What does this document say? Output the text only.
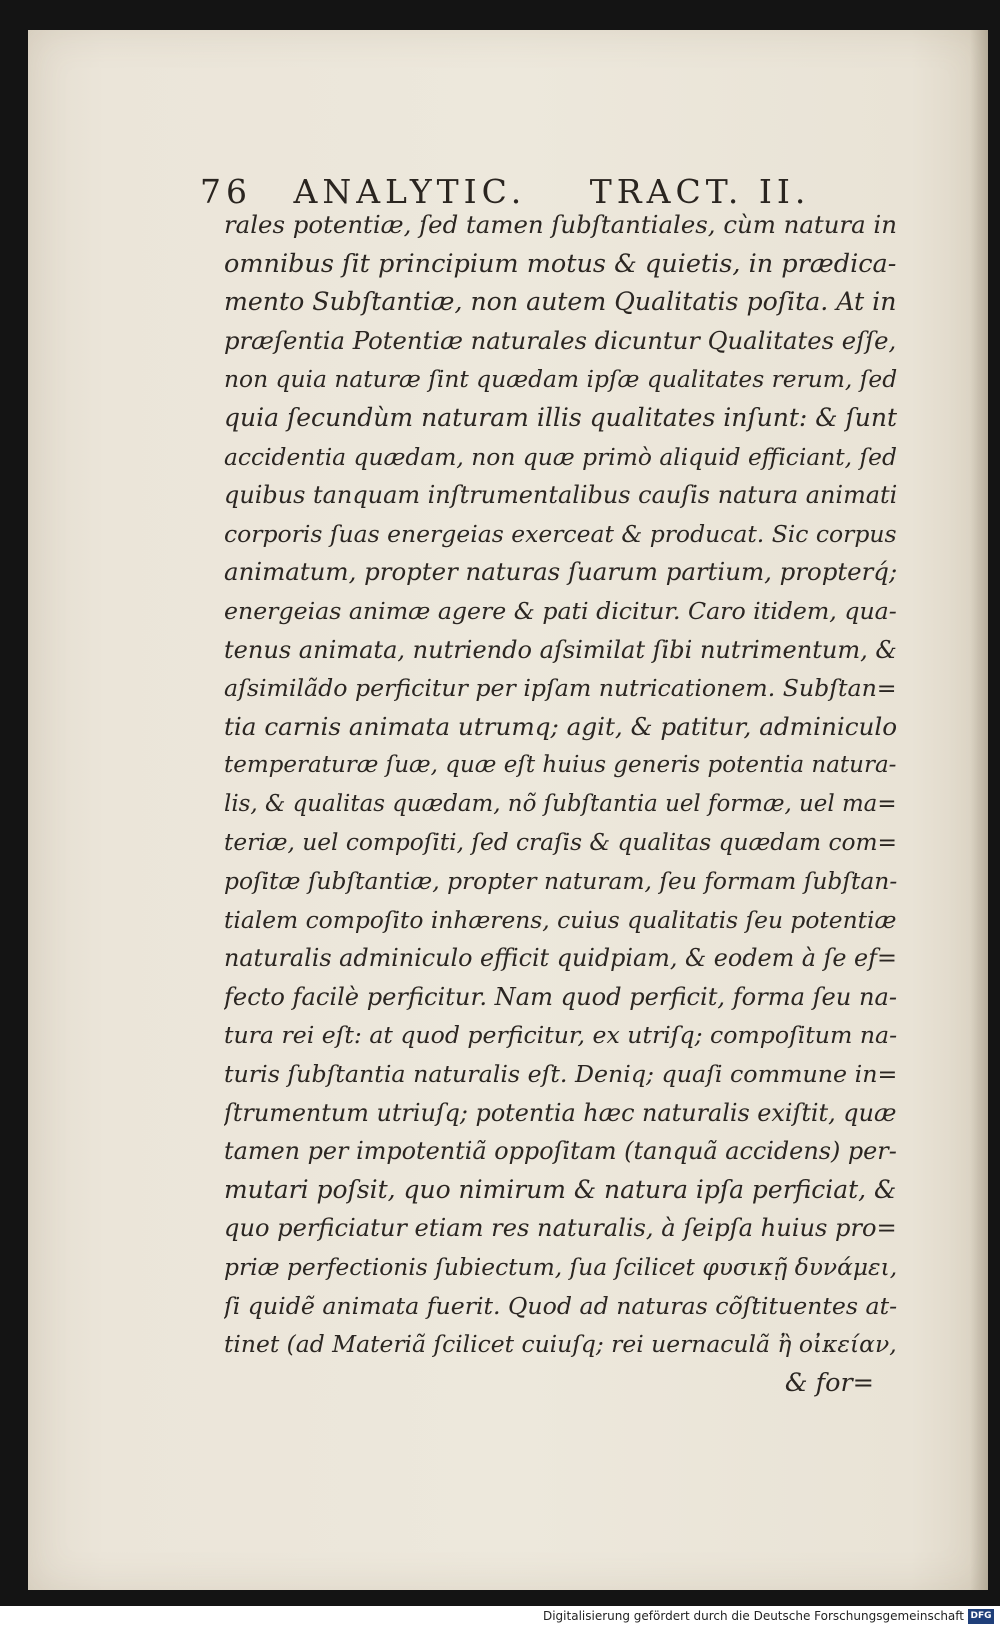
76 ANALYTIC. TRACT. II.
rales potentiæ, ſed tamen ſubſtantiales, cùm natura in
omnibus ſit principium motus & quietis, in prædica-
mento Subſtantiæ, non autem Qualitatis poſita. At in
præſentia Potentiæ naturales dicuntur Qualitates eſſe,
non quia naturæ ſint quædam ipſæ qualitates rerum, ſed
quia ſecundùm naturam illis qualitates inſunt: & ſunt
accidentia quædam, non quæ primò aliquid efficiant, ſed
quibus tanquam inſtrumentalibus cauſis natura animati
corporis ſuas energeias exerceat & producat. Sic corpus
animatum, propter naturas ſuarum partium, propterq́;
energeias animæ agere & pati dicitur. Caro itidem, qua-
tenus animata, nutriendo aſsimilat ſibi nutrimentum, &
aſsimilãdo perficitur per ipſam nutricationem. Subſtan=
tia carnis animata utrumq; agit, & patitur, adminiculo
temperaturæ ſuæ, quæ eſt huius generis potentia natura-
lis, & qualitas quædam, nõ ſubſtantia uel formæ, uel ma=
teriæ, uel compoſiti, ſed craſis & qualitas quædam com=
poſitæ ſubſtantiæ, propter naturam, ſeu formam ſubſtan-
tialem compoſito inhærens, cuius qualitatis ſeu potentiæ
naturalis adminiculo efficit quidpiam, & eodem à ſe ef=
fecto facilè perficitur. Nam quod perficit, forma ſeu na-
tura rei eſt: at quod perficitur, ex utriſq; compoſitum na-
turis ſubſtantia naturalis eſt. Deniq; quaſi commune in=
ſtrumentum utriuſq; potentia hæc naturalis exiſtit, quæ
tamen per impotentiã oppoſitam (tanquã accidens) per-
mutari poſsit, quo nimirum & natura ipſa perficiat, &
quo perficiatur etiam res naturalis, à ſeipſa huius pro=
priæ perfectionis ſubiectum, ſua ſcilicet φυσικῇ δυνάμει,
ſi quidẽ animata fuerit. Quod ad naturas cõſtituentes at-
tinet (ad Materiã ſcilicet cuiuſq; rei uernaculã ἢ οἰκείαν,
& for=
Digitalisierung gefördert durch die Deutsche Forschungsgemeinschaft DFG
